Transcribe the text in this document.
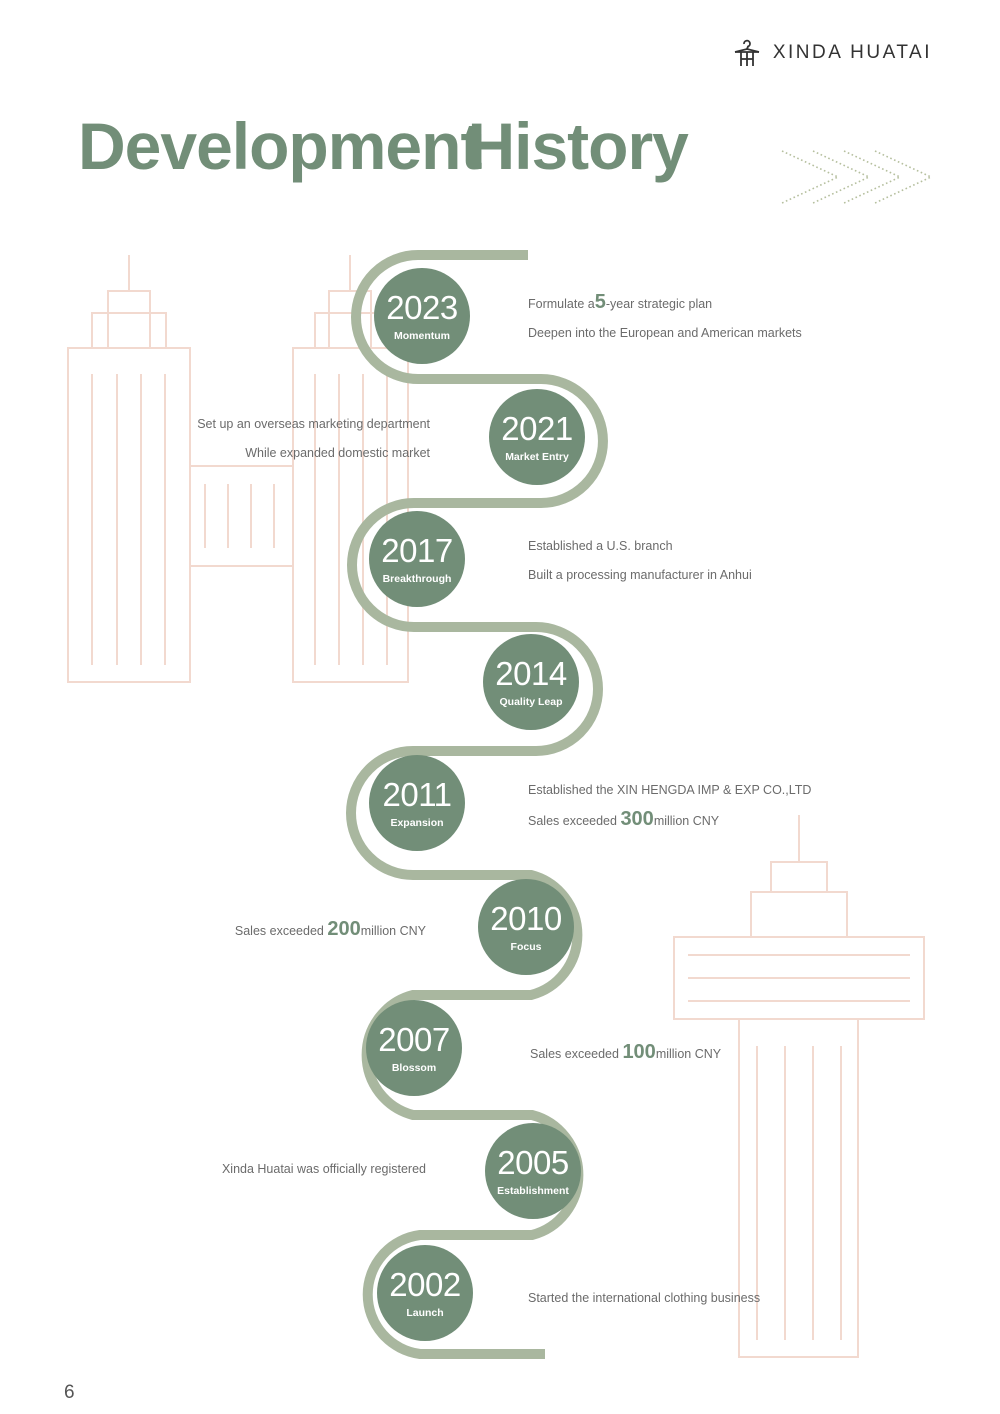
XINDA HUATAI
DevelopmentHistory
2023
Momentum
2021
Market Entry
2017
Breakthrough
2014
Quality Leap
2011
Expansion
2010
Focus
2007
Blossom
2005
Establishment
2002
Launch
Formulate a5-year strategic plan
Deepen into the European and American markets
Set up an overseas marketing department
While expanded domestic market
Established a U.S. branch
Built a processing manufacturer in Anhui
Established the XIN HENGDA IMP & EXP CO.,LTD
Sales exceeded 300million CNY
Sales exceeded 200million CNY
Sales exceeded 100million CNY
Xinda Huatai was officially registered
Started the international clothing business
6
